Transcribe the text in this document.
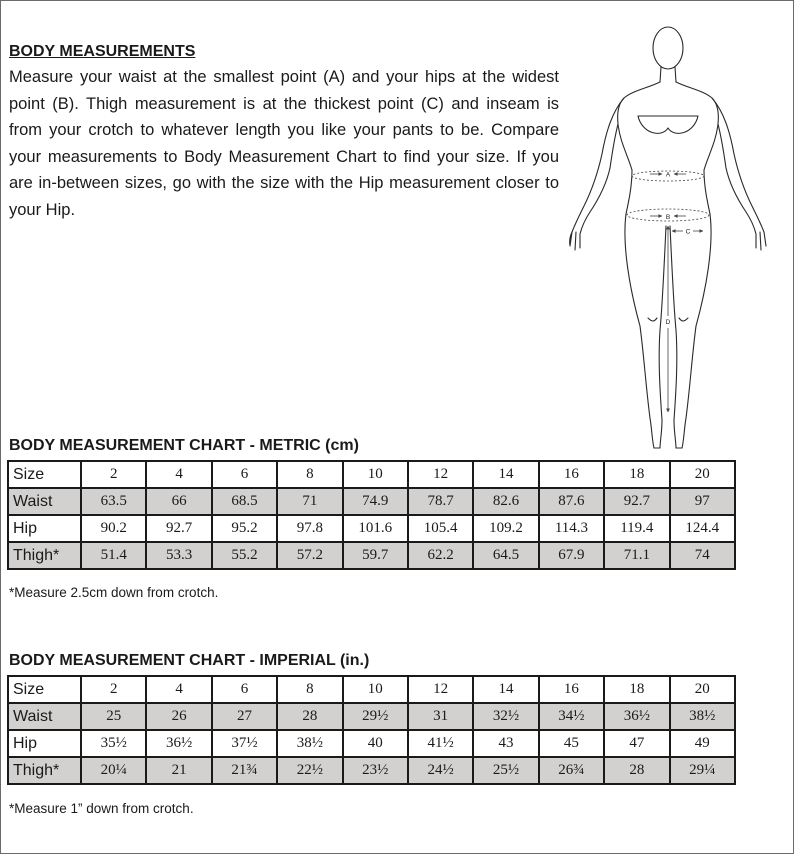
BODY MEASUREMENTS

Measure your waist at the smallest point (A) and your hips at the widest point (B). Thigh measurement is at the thickest point (C) and inseam is from your crotch to whatever length you like your pants to be. Compare your measurements to Body Measurement Chart to find your size. If you are in-between sizes, go with the size with the Hip measurement closer to your Hip.

A
B
C
D
BODY MEASUREMENT CHART - METRIC (cm)
Size	2	4	6	8	10	12	14	16	18	20
Waist	63.5	66	68.5	71	74.9	78.7	82.6	87.6	92.7	97
Hip	90.2	92.7	95.2	97.8	101.6	105.4	109.2	114.3	119.4	124.4
Thigh*	51.4	53.3	55.2	57.2	59.7	62.2	64.5	67.9	71.1	74

*Measure 2.5cm down from crotch.

BODY MEASUREMENT CHART - IMPERIAL (in.)
Size	2	4	6	8	10	12	14	16	18	20
Waist	25	26	27	28	29½	31	32½	34½	36½	38½
Hip	35½	36½	37½	38½	40	41½	43	45	47	49
Thigh*	20¼	21	21¾	22½	23½	24½	25½	26¾	28	29¼

*Measure 1” down from crotch.
